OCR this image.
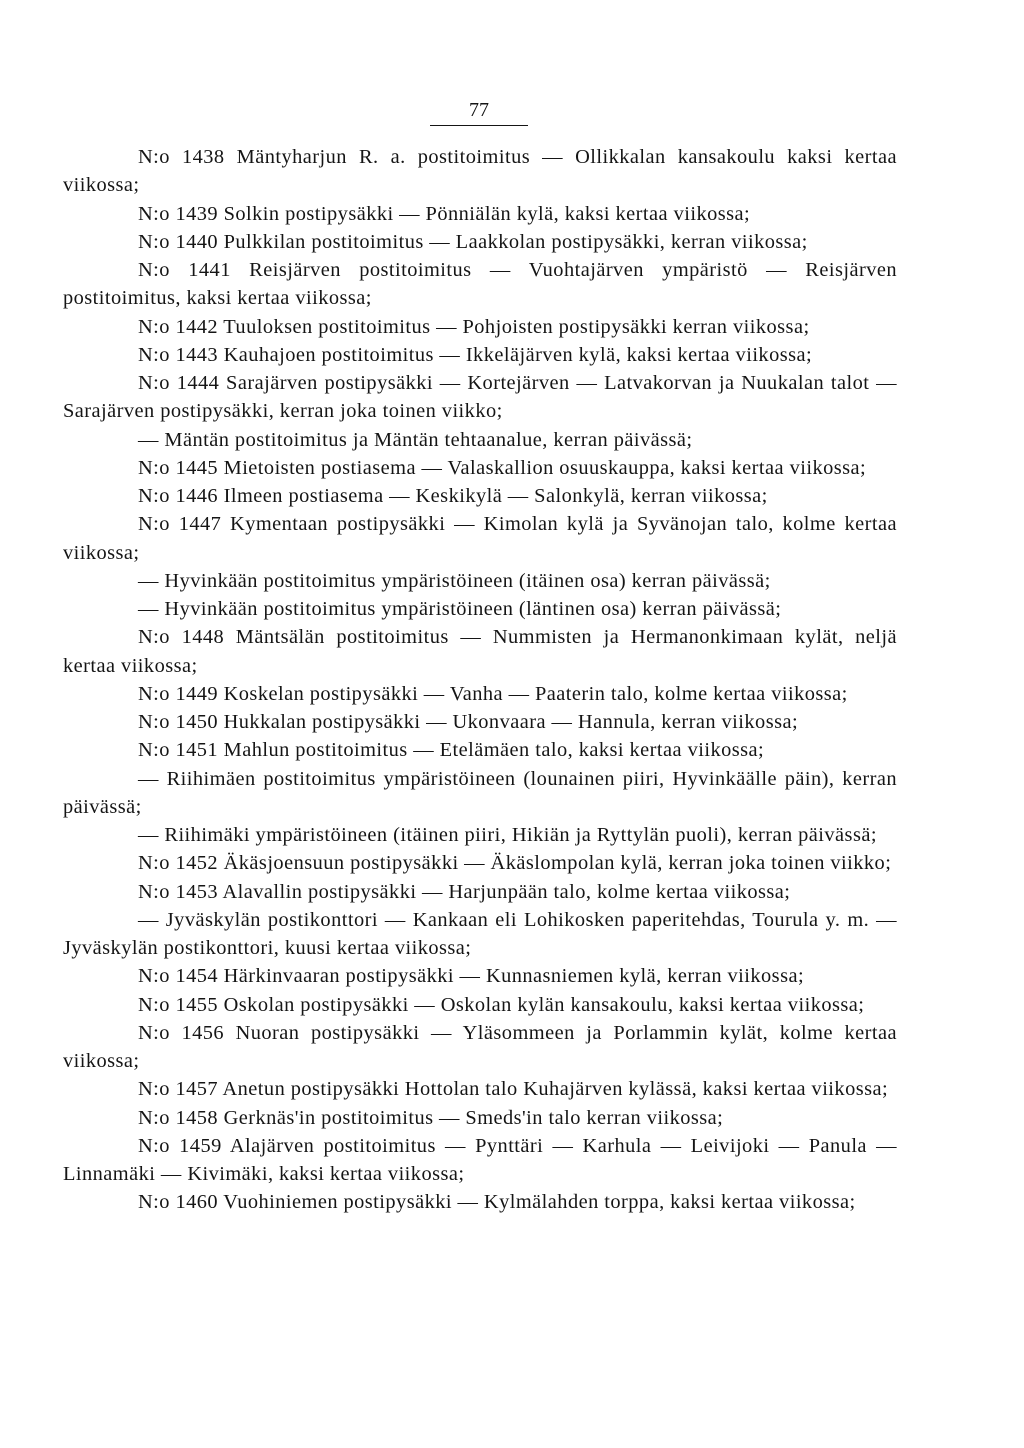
77

N:o 1438 Mäntyharjun R. a. postitoimitus — Ollikkalan kansakoulu kaksi kertaa viikossa;

N:o 1439 Solkin postipysäkki — Pönniälän kylä, kaksi kertaa viikossa;

N:o 1440 Pulkkilan postitoimitus — Laakkolan postipysäkki, kerran viikossa;

N:o 1441 Reisjärven postitoimitus — Vuohtajärven ympäristö — Reisjärven postitoimitus, kaksi kertaa viikossa;

N:o 1442 Tuuloksen postitoimitus — Pohjoisten postipysäkki kerran viikossa;

N:o 1443 Kauhajoen postitoimitus — Ikkeläjärven kylä, kaksi kertaa viikossa;

N:o 1444 Sarajärven postipysäkki — Kortejärven — Latvakorvan ja Nuukalan talot — Sarajärven postipysäkki, kerran joka toinen viikko;

— Mäntän postitoimitus ja Mäntän tehtaanalue, kerran päivässä;

N:o 1445 Mietoisten postiasema — Valaskallion osuuskauppa, kaksi kertaa viikossa;

N:o 1446 Ilmeen postiasema — Keskikylä — Salonkylä, kerran viikossa;

N:o 1447 Kymentaan postipysäkki — Kimolan kylä ja Syvänojan talo, kolme kertaa viikossa;

— Hyvinkään postitoimitus ympäristöineen (itäinen osa) kerran päivässä;

— Hyvinkään postitoimitus ympäristöineen (läntinen osa) kerran päivässä;

N:o 1448 Mäntsälän postitoimitus — Nummisten ja Hermanonkimaan kylät, neljä kertaa viikossa;

N:o 1449 Koskelan postipysäkki — Vanha — Paaterin talo, kolme kertaa viikossa;

N:o 1450 Hukkalan postipysäkki — Ukonvaara — Hannula, kerran viikossa;

N:o 1451 Mahlun postitoimitus — Etelämäen talo, kaksi kertaa viikossa;

— Riihimäen postitoimitus ympäristöineen (lounainen piiri, Hyvinkäälle päin), kerran päivässä;

— Riihimäki ympäristöineen (itäinen piiri, Hikiän ja Ryttylän puoli), kerran päivässä;

N:o 1452 Äkäsjoensuun postipysäkki — Äkäslompolan kylä, kerran joka toinen viikko;

N:o 1453 Alavallin postipysäkki — Harjunpään talo, kolme kertaa viikossa;

— Jyväskylän postikonttori — Kankaan eli Lohikosken paperitehdas, Tourula y. m. — Jyväskylän postikonttori, kuusi kertaa viikossa;

N:o 1454 Härkinvaaran postipysäkki — Kunnasniemen kylä, kerran viikossa;

N:o 1455 Oskolan postipysäkki — Oskolan kylän kansakoulu, kaksi kertaa viikossa;

N:o 1456 Nuoran postipysäkki — Yläsommeen ja Porlammin kylät, kolme kertaa viikossa;

N:o 1457 Anetun postipysäkki Hottolan talo Kuhajärven kylässä, kaksi kertaa viikossa;

N:o 1458 Gerknäs'in postitoimitus — Smeds'in talo kerran viikossa;

N:o 1459 Alajärven postitoimitus — Pynttäri — Karhula — Leivijoki — Panula — Linnamäki — Kivimäki, kaksi kertaa viikossa;

N:o 1460 Vuohiniemen postipysäkki — Kylmälahden torppa, kaksi kertaa viikossa;
